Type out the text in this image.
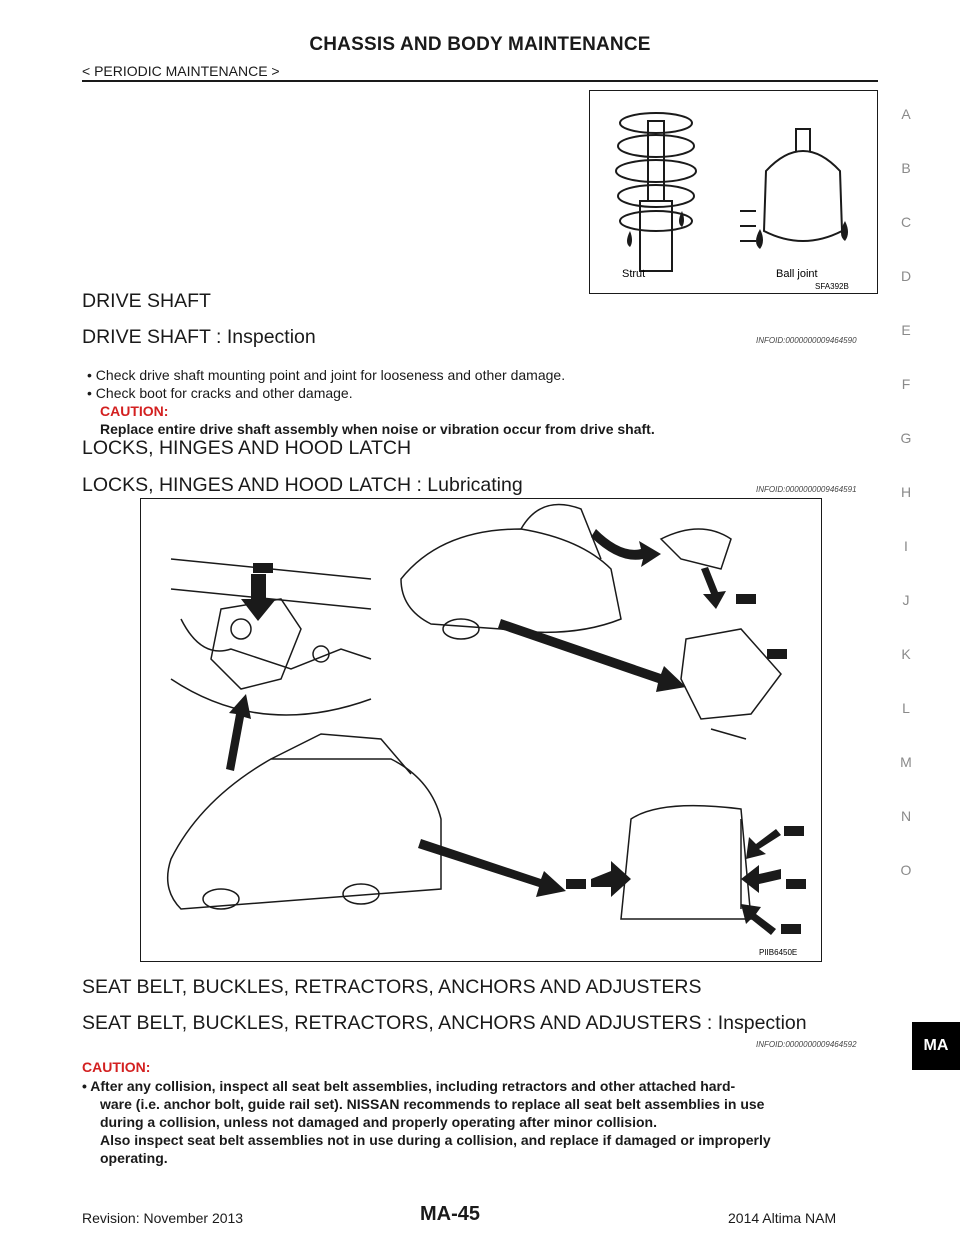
CHASSIS AND BODY MAINTENANCE
< PERIODIC MAINTENANCE >
A
B
C
D
E
F
G
H
I
J
K
L
M
N
O
MA
Strut	Ball joint
SFA392B
DRIVE SHAFT
DRIVE SHAFT : Inspection	INFOID:0000000009464590
• Check drive shaft mounting point and joint for looseness and other damage.
• Check boot for cracks and other damage.
CAUTION:
Replace entire drive shaft assembly when noise or vibration occur from drive shaft.
LOCKS, HINGES AND HOOD LATCH
LOCKS, HINGES AND HOOD LATCH : Lubricating	INFOID:0000000009464591
PIIB6450E
SEAT BELT, BUCKLES, RETRACTORS, ANCHORS AND ADJUSTERS
SEAT BELT, BUCKLES, RETRACTORS, ANCHORS AND ADJUSTERS : Inspection
INFOID:0000000009464592
CAUTION:
• After any collision, inspect all seat belt assemblies, including retractors and other attached hard-
ware (i.e. anchor bolt, guide rail set). NISSAN recommends to replace all seat belt assemblies in use
during a collision, unless not damaged and properly operating after minor collision.
Also inspect seat belt assemblies not in use during a collision, and replace if damaged or improperly
operating.
Revision: November 2013	MA-45	2014 Altima NAM
